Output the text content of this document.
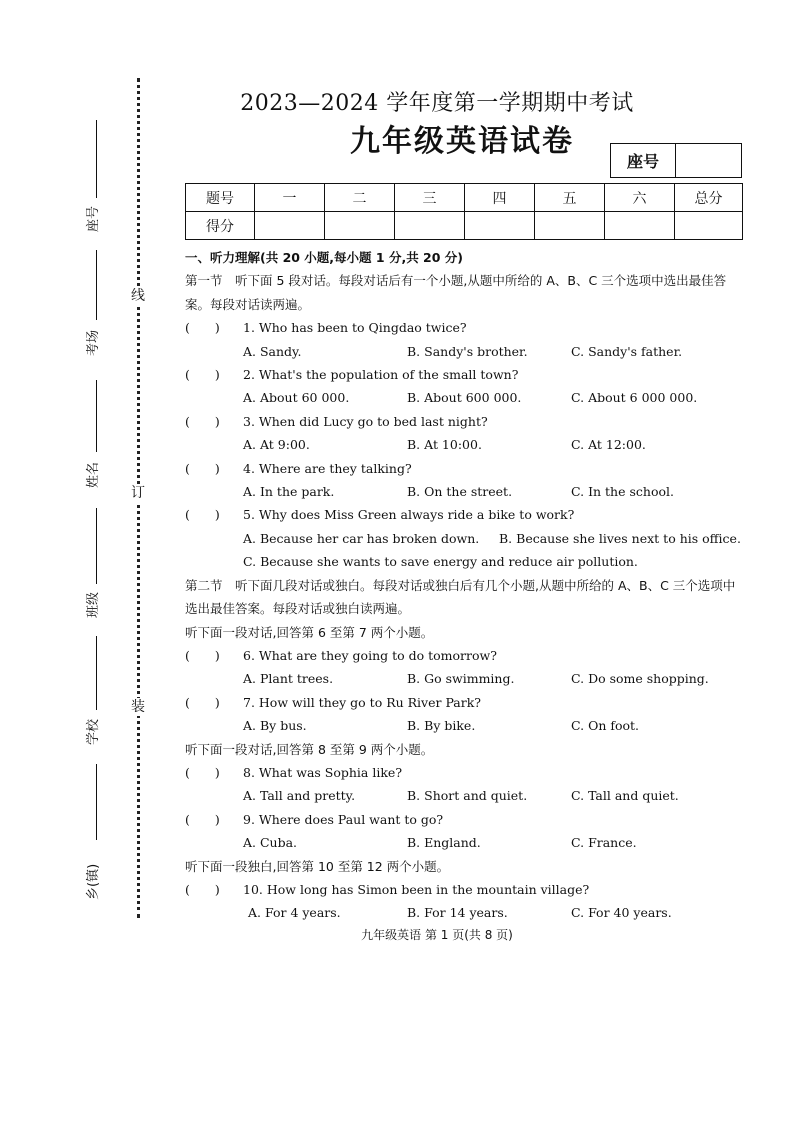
座号
考场
姓名
班级
学校
乡(镇)
线
订
装
2023—2024 学年度第一学期期中考试
九年级英语试卷
座号
题号	一	二	三	四	五	六	总分
得分							
一、听力理解(共 20 小题,每小题 1 分,共 20 分)
第一节　听下面 5 段对话。每段对话后有一个小题,从题中所给的 A、B、C 三个选项中选出最佳答案。每段对话读两遍。
(　　)	1. Who has been to Qingdao twice?
A. Sandy.	B. Sandy's brother.	C. Sandy's father.
(　　)	2. What's the population of the small town?
A. About 60 000.	B. About 600 000.	C. About 6 000 000.
(　　)	3. When did Lucy go to bed last night?
A. At 9:00.	B. At 10:00.	C. At 12:00.
(　　)	4. Where are they talking?
A. In the park.	B. On the street.	C. In the school.
(　　)	5. Why does Miss Green always ride a bike to work?
A. Because her car has broken down.	B. Because she lives next to his office.
C. Because she wants to save energy and reduce air pollution.
第二节　听下面几段对话或独白。每段对话或独白后有几个小题,从题中所给的 A、B、C 三个选项中选出最佳答案。每段对话或独白读两遍。
听下面一段对话,回答第 6 至第 7 两个小题。
(　　)	6. What are they going to do tomorrow?
A. Plant trees.	B. Go swimming.	C. Do some shopping.
(　　)	7. How will they go to Ru River Park?
A. By bus.	B. By bike.	C. On foot.
听下面一段对话,回答第 8 至第 9 两个小题。
(　　)	8. What was Sophia like?
A. Tall and pretty.	B. Short and quiet.	C. Tall and quiet.
(　　)	9. Where does Paul want to go?
A. Cuba.	B. England.	C. France.
听下面一段独白,回答第 10 至第 12 两个小题。
(　　)	10. How long has Simon been in the mountain village?
A. For 4 years.	B. For 14 years.	C. For 40 years.
九年级英语 第 1 页(共 8 页)
